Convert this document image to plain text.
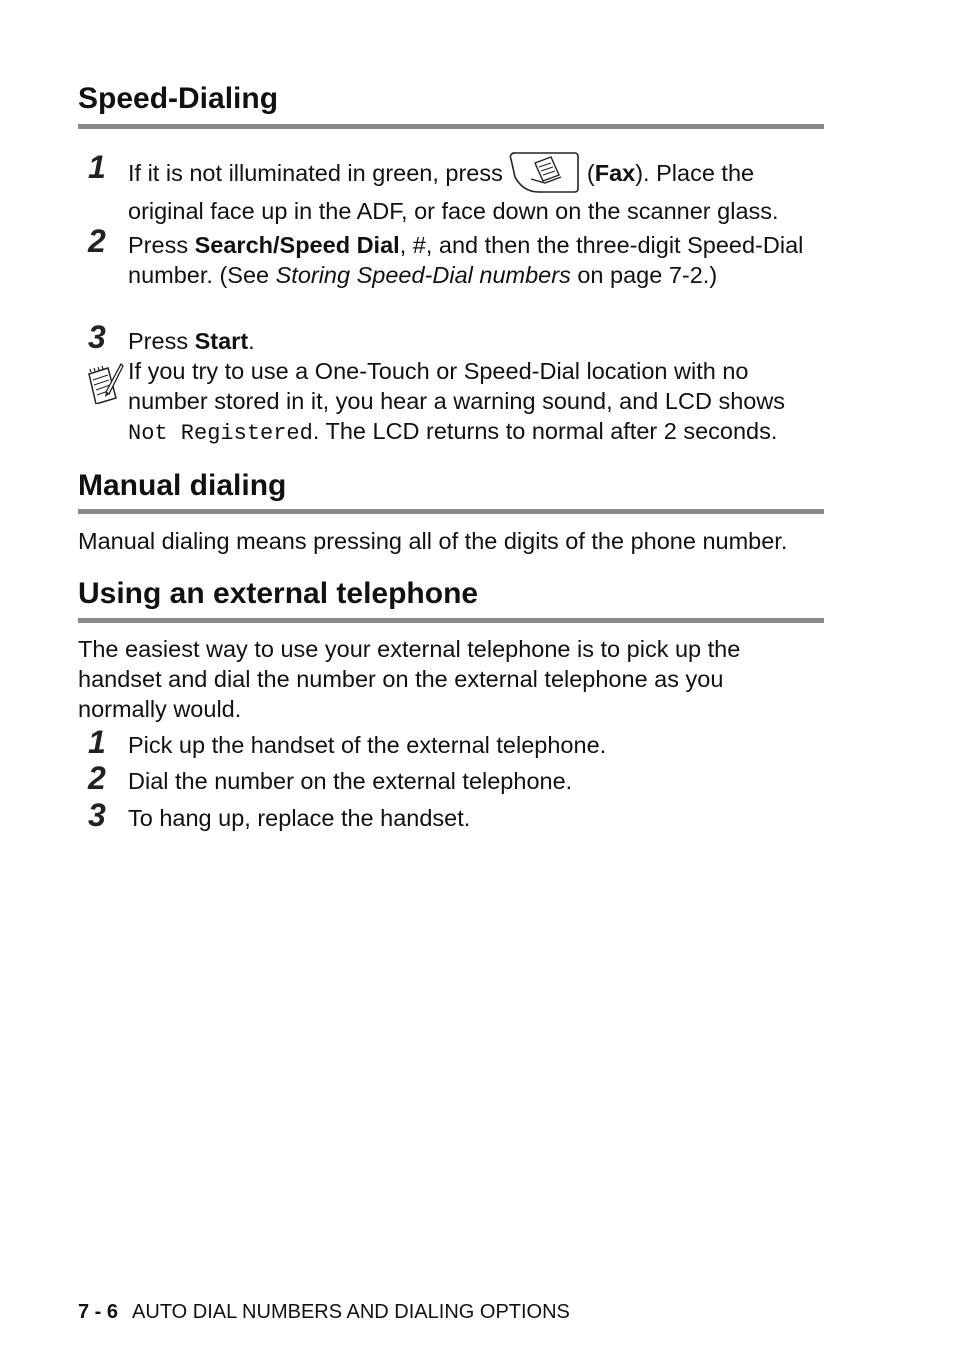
Speed-Dialing
1 If it is not illuminated in green, press	(Fax). Place the
original face up in the ADF, or face down on the scanner glass.

2 Press Search/Speed Dial, #, and then the three-digit Speed-Dial number. (See Storing Speed-Dial numbers on page 7-2.)

3 Press Start.

If you try to use a One-Touch or Speed-Dial location with no number stored in it, you hear a warning sound, and LCD shows Not Registered. The LCD returns to normal after 2 seconds.

Manual dialing

Manual dialing means pressing all of the digits of the phone number.

Using an external telephone

The easiest way to use your external telephone is to pick up the handset and dial the number on the external telephone as you normally would.

1 Pick up the handset of the external telephone.

2 Dial the number on the external telephone.

3 To hang up, replace the handset.

7 - 6 AUTO DIAL NUMBERS AND DIALING OPTIONS
